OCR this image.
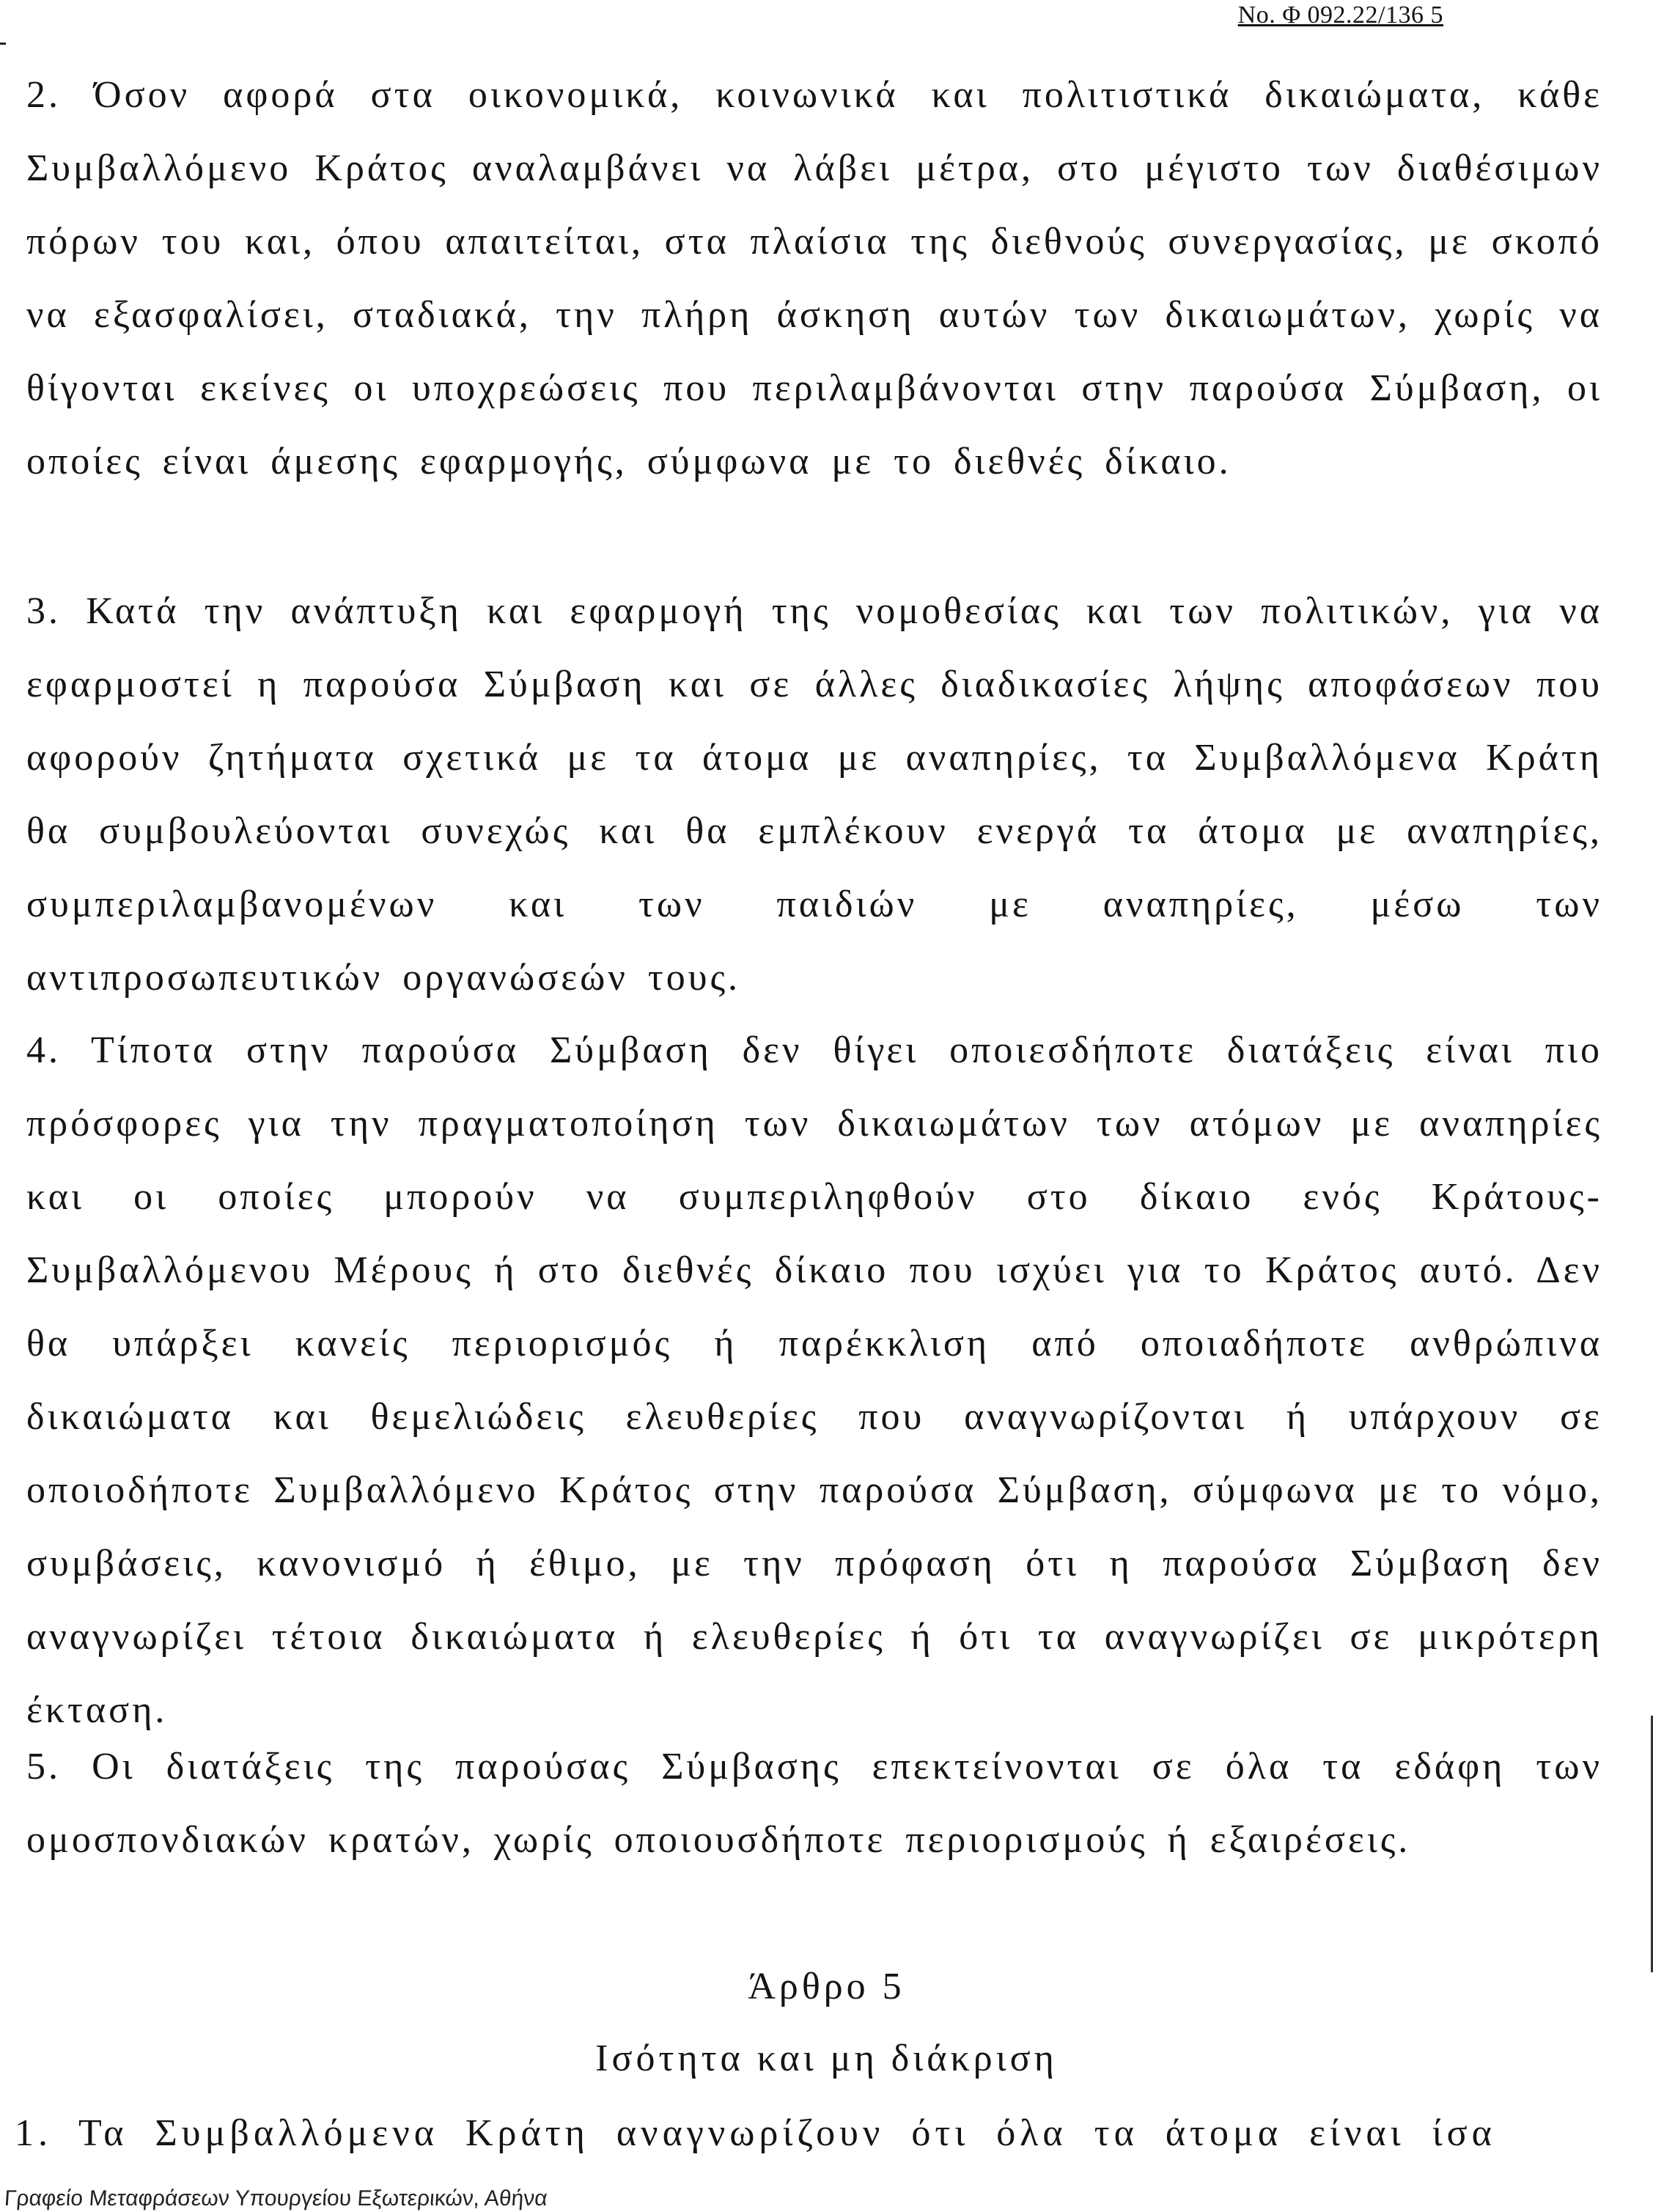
No. Φ 092.22/136 5

2. Όσον αφορά στα οικονομικά, κοινωνικά και πολιτιστικά δικαιώματα, κάθε Συμβαλλόμενο Κράτος αναλαμβάνει να λάβει μέτρα, στο μέγιστο των διαθέσιμων πόρων του και, όπου απαιτείται, στα πλαίσια της διεθνούς συνεργασίας, με σκοπό να εξασφαλίσει, σταδιακά, την πλήρη άσκηση αυτών των δικαιωμάτων, χωρίς να θίγονται εκείνες οι υποχρεώσεις που περιλαμβάνονται στην παρούσα Σύμβαση, οι οποίες είναι άμεσης εφαρμογής, σύμφωνα με το διεθνές δίκαιο.

3. Κατά την ανάπτυξη και εφαρμογή της νομοθεσίας και των πολιτικών, για να εφαρμοστεί η παρούσα Σύμβαση και σε άλλες διαδικασίες λήψης αποφάσεων που αφορούν ζητήματα σχετικά με τα άτομα με αναπηρίες, τα Συμβαλλόμενα Κράτη θα συμβουλεύονται συνεχώς και θα εμπλέκουν ενεργά τα άτομα με αναπηρίες, συμπεριλαμβανομένων και των παιδιών με αναπηρίες, μέσω των αντιπροσωπευτικών οργανώσεών τους.

4. Τίποτα στην παρούσα Σύμβαση δεν θίγει οποιεσδήποτε διατάξεις είναι πιο πρόσφορες για την πραγματοποίηση των δικαιωμάτων των ατόμων με αναπηρίες και οι οποίες μπορούν να συμπεριληφθούν στο δίκαιο ενός Κράτους-Συμβαλλόμενου Μέρους ή στο διεθνές δίκαιο που ισχύει για το Κράτος αυτό. Δεν θα υπάρξει κανείς περιορισμός ή παρέκκλιση από οποιαδήποτε ανθρώπινα δικαιώματα και θεμελιώδεις ελευθερίες που αναγνωρίζονται ή υπάρχουν σε οποιοδήποτε Συμβαλλόμενο Κράτος στην παρούσα Σύμβαση, σύμφωνα με το νόμο, συμβάσεις, κανονισμό ή έθιμο, με την πρόφαση ότι η παρούσα Σύμβαση δεν αναγνωρίζει τέτοια δικαιώματα ή ελευθερίες ή ότι τα αναγνωρίζει σε μικρότερη έκταση.

5. Οι διατάξεις της παρούσας Σύμβασης επεκτείνονται σε όλα τα εδάφη των ομοσπονδιακών κρατών, χωρίς οποιουσδήποτε περιορισμούς ή εξαιρέσεις.

Άρθρο 5
Ισότητα και μη διάκριση

1. Τα Συμβαλλόμενα Κράτη αναγνωρίζουν ότι όλα τα άτομα είναι ίσα

Γραφείο Μεταφράσεων Υπουργείου Εξωτερικών, Αθήνα
